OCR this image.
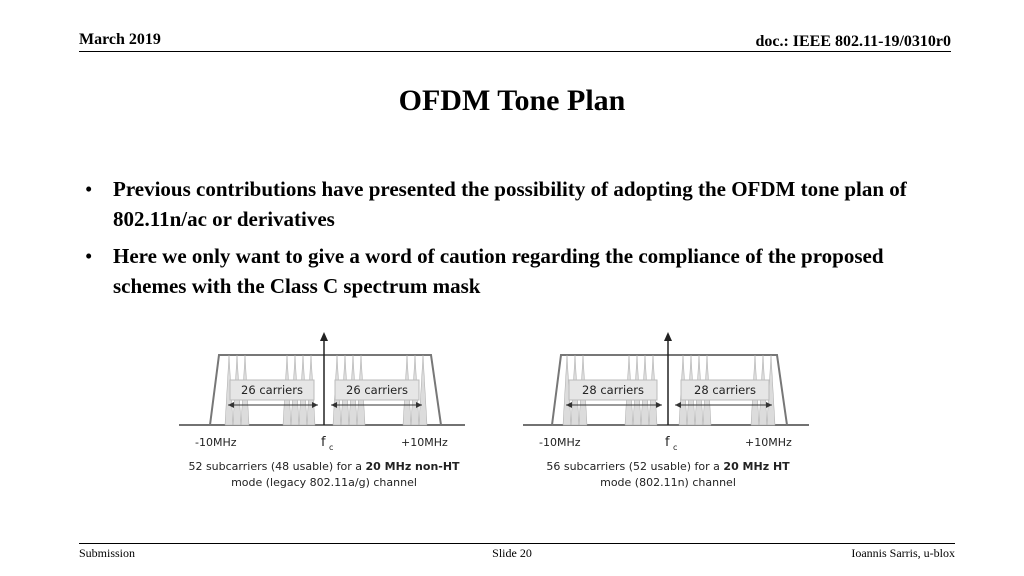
March 2019	doc.: IEEE 802.11-19/0310r0
OFDM Tone Plan
• Previous contributions have presented the possibility of adopting the OFDM tone plan of 802.11n/ac or derivatives
• Here we only want to give a word of caution regarding the compliance of the proposed schemes with the Class C spectrum mask
26 carriers	26 carriers
-10MHz	f c	+10MHz
52 subcarriers (48 usable) for a 20 MHz non-HT
mode (legacy 802.11a/g) channel
28 carriers	28 carriers
-10MHz	f c	+10MHz
56 subcarriers (52 usable) for a 20 MHz HT
mode (802.11n) channel
Submission	Slide 20	Ioannis Sarris, u-blox
